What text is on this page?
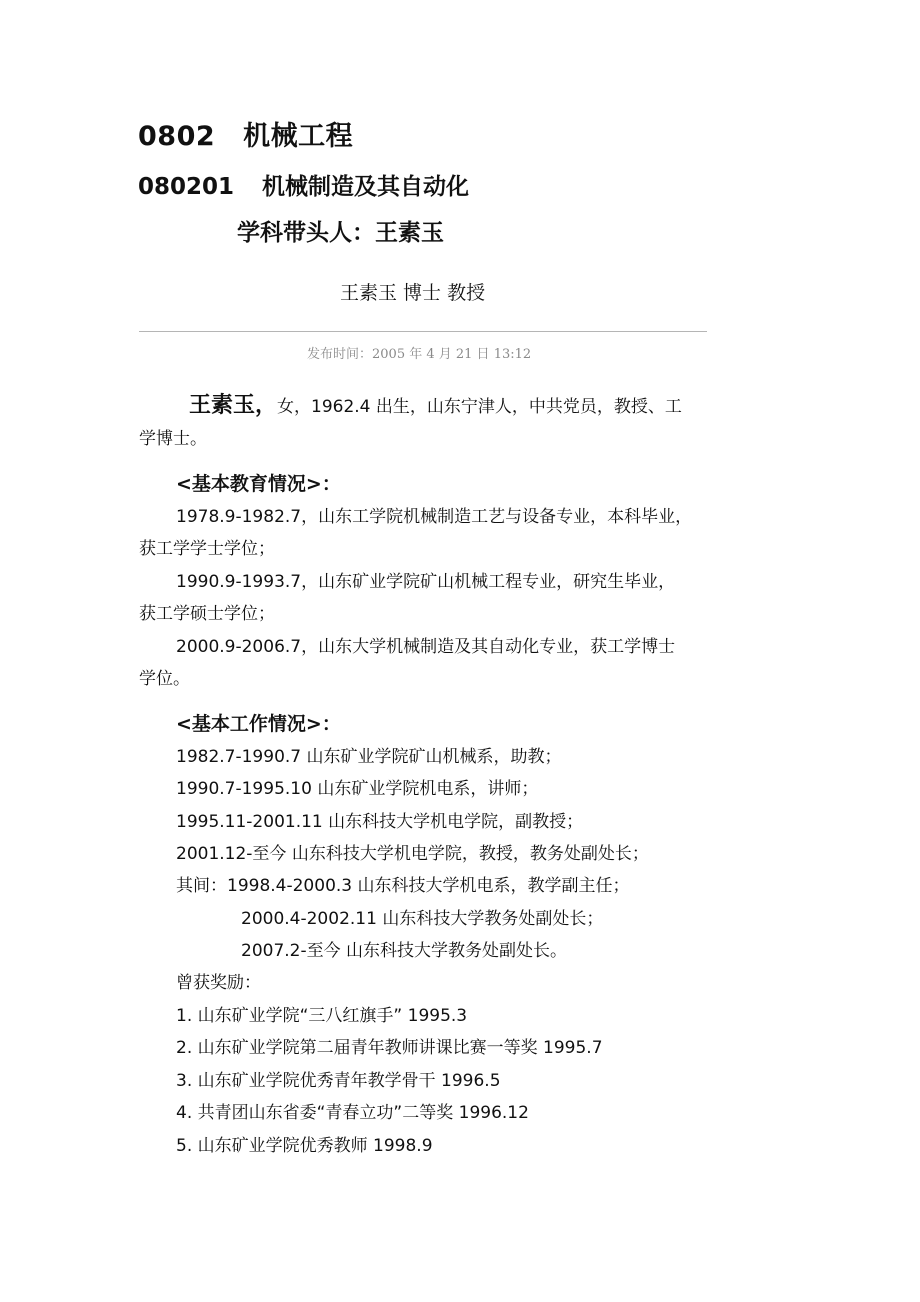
0802 机械工程
080201 机械制造及其自动化
学科带头人：王素玉
王素玉 博士 教授
发布时间：2005 年 4 月 21 日 13:12
王素玉，女，1962.4 出生，山东宁津人，中共党员，教授、工
学博士。
<基本教育情况>：
1978.9-1982.7，山东工学院机械制造工艺与设备专业，本科毕业，
获工学学士学位；
1990.9-1993.7，山东矿业学院矿山机械工程专业，研究生毕业，
获工学硕士学位；
2000.9-2006.7，山东大学机械制造及其自动化专业，获工学博士
学位。
<基本工作情况>：
1982.7-1990.7 山东矿业学院矿山机械系，助教；
1990.7-1995.10 山东矿业学院机电系，讲师；
1995.11-2001.11 山东科技大学机电学院，副教授；
2001.12-至今 山东科技大学机电学院，教授，教务处副处长；
其间：1998.4-2000.3 山东科技大学机电系，教学副主任；
2000.4-2002.11 山东科技大学教务处副处长；
2007.2-至今 山东科技大学教务处副处长。
曾获奖励：
1. 山东矿业学院“三八红旗手” 1995.3
2. 山东矿业学院第二届青年教师讲课比赛一等奖 1995.7
3. 山东矿业学院优秀青年教学骨干 1996.5
4. 共青团山东省委“青春立功”二等奖 1996.12
5. 山东矿业学院优秀教师 1998.9
